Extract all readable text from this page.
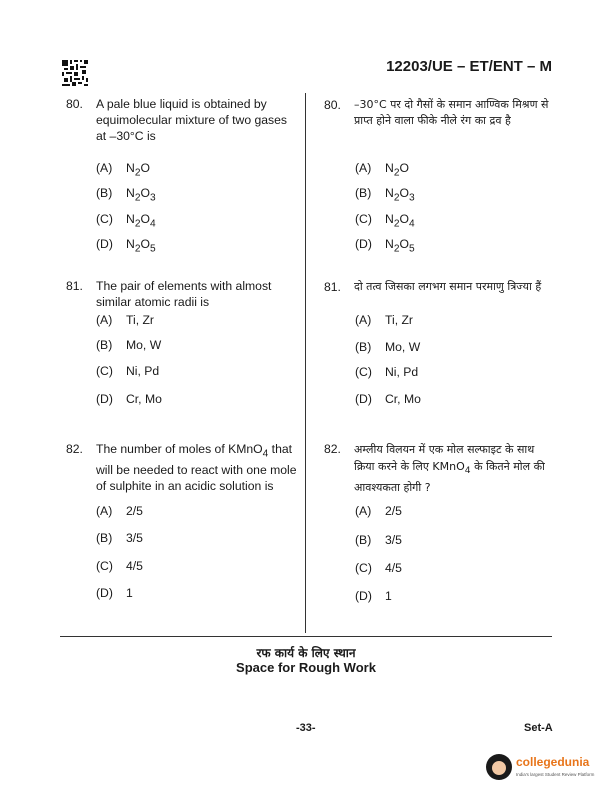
12203/UE – ET/ENT – M
80. A pale blue liquid is obtained by
equimolecular mixture of two gases
at –30°C is
(A) $N_2O$
(B) $N_2O_3$
(C) $N_2O_4$
(D) $N_2O_5$
80. –30°C पर दो गैसों के समान आण्विक मिश्रण से
प्राप्त होने वाला फीके नीले रंग का द्रव है
(A) $N_2O$
(B) $N_2O_3$
(C) $N_2O_4$
(D) $N_2O_5$
81. The pair of elements with almost
similar atomic radii is
(A) Ti, Zr
(B) Mo, W
(C) Ni, Pd
(D) Cr, Mo
81. दो तत्व जिसका लगभग समान परमाणु त्रिज्या हैं
(A) Ti, Zr
(B) Mo, W
(C) Ni, Pd
(D) Cr, Mo
82. The number of moles of KMnO$_4$ that
will be needed to react with one mole
of sulphite in an acidic solution is
(A) 2/5
(B) 3/5
(C) 4/5
(D) 1
82. अम्लीय विलयन में एक मोल सल्फाइट के साथ
क्रिया करने के लिए KMnO$_4$ के कितने मोल की
आवश्यकता होगी ?
(A) 2/5
(B) 3/5
(C) 4/5
(D) 1
रफ कार्य के लिए स्थान
Space for Rough Work
-33-	Set-A
collegedunia
India's largest Student Review Platform
